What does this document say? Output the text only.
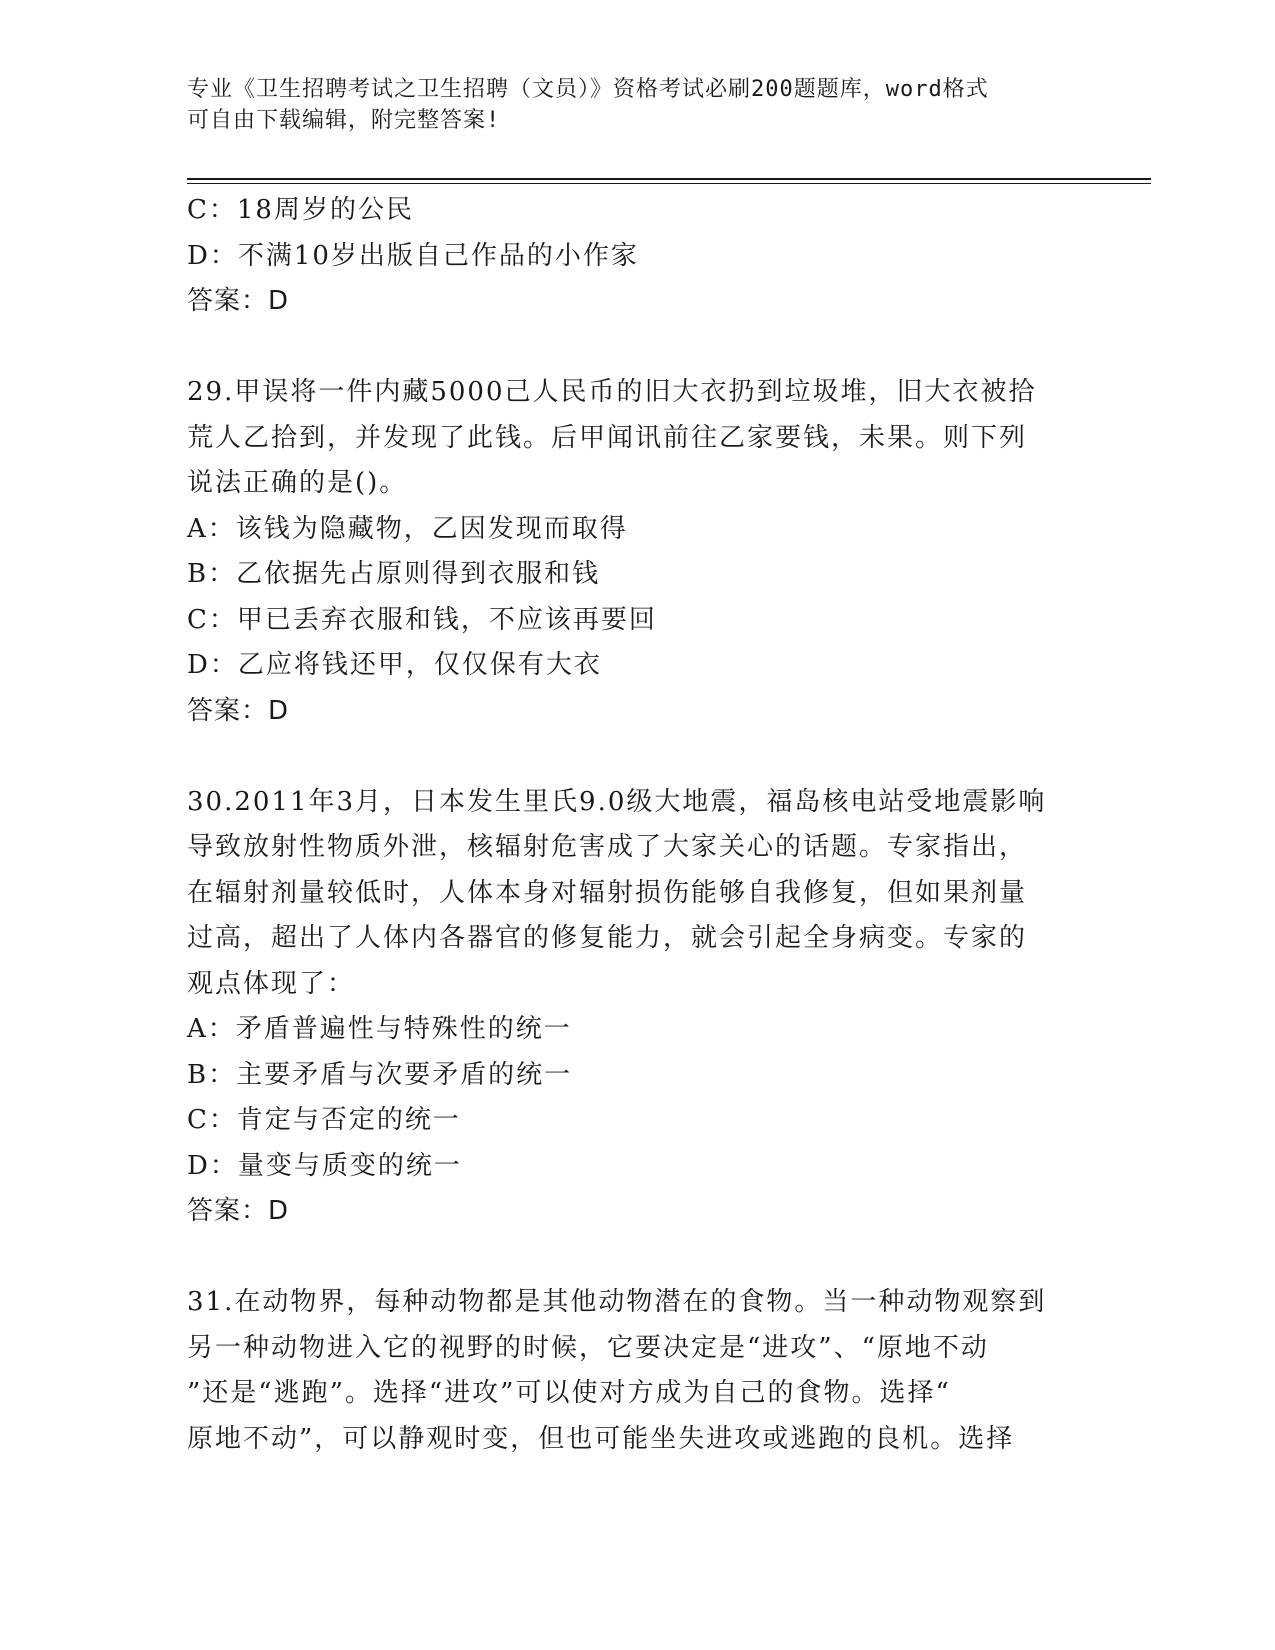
专业《卫生招聘考试之卫生招聘（文员）》资格考试必刷200题题库，word格式
可自由下载编辑，附完整答案!
C：18周岁的公民
D：不满10岁出版自己作品的小作家
答案：D
29.甲误将一件内藏5000己人民币的旧大衣扔到垃圾堆，旧大衣被拾
荒人乙拾到，并发现了此钱。后甲闻讯前往乙家要钱，未果。则下列
说法正确的是()。
A：该钱为隐藏物，乙因发现而取得
B：乙依据先占原则得到衣服和钱
C：甲已丢弃衣服和钱，不应该再要回
D：乙应将钱还甲，仅仅保有大衣
答案：D
30.2011年3月，日本发生里氏9.0级大地震，福岛核电站受地震影响
导致放射性物质外泄，核辐射危害成了大家关心的话题。专家指出，
在辐射剂量较低时，人体本身对辐射损伤能够自我修复，但如果剂量
过高，超出了人体内各器官的修复能力，就会引起全身病变。专家的
观点体现了：
A：矛盾普遍性与特殊性的统一
B：主要矛盾与次要矛盾的统一
C：肯定与否定的统一
D：量变与质变的统一
答案：D
31.在动物界，每种动物都是其他动物潜在的食物。当一种动物观察到
另一种动物进入它的视野的时候，它要决定是“进攻”、“原地不动
”还是“逃跑”。选择“进攻”可以使对方成为自己的食物。选择“
原地不动”，可以静观时变，但也可能坐失进攻或逃跑的良机。选择
